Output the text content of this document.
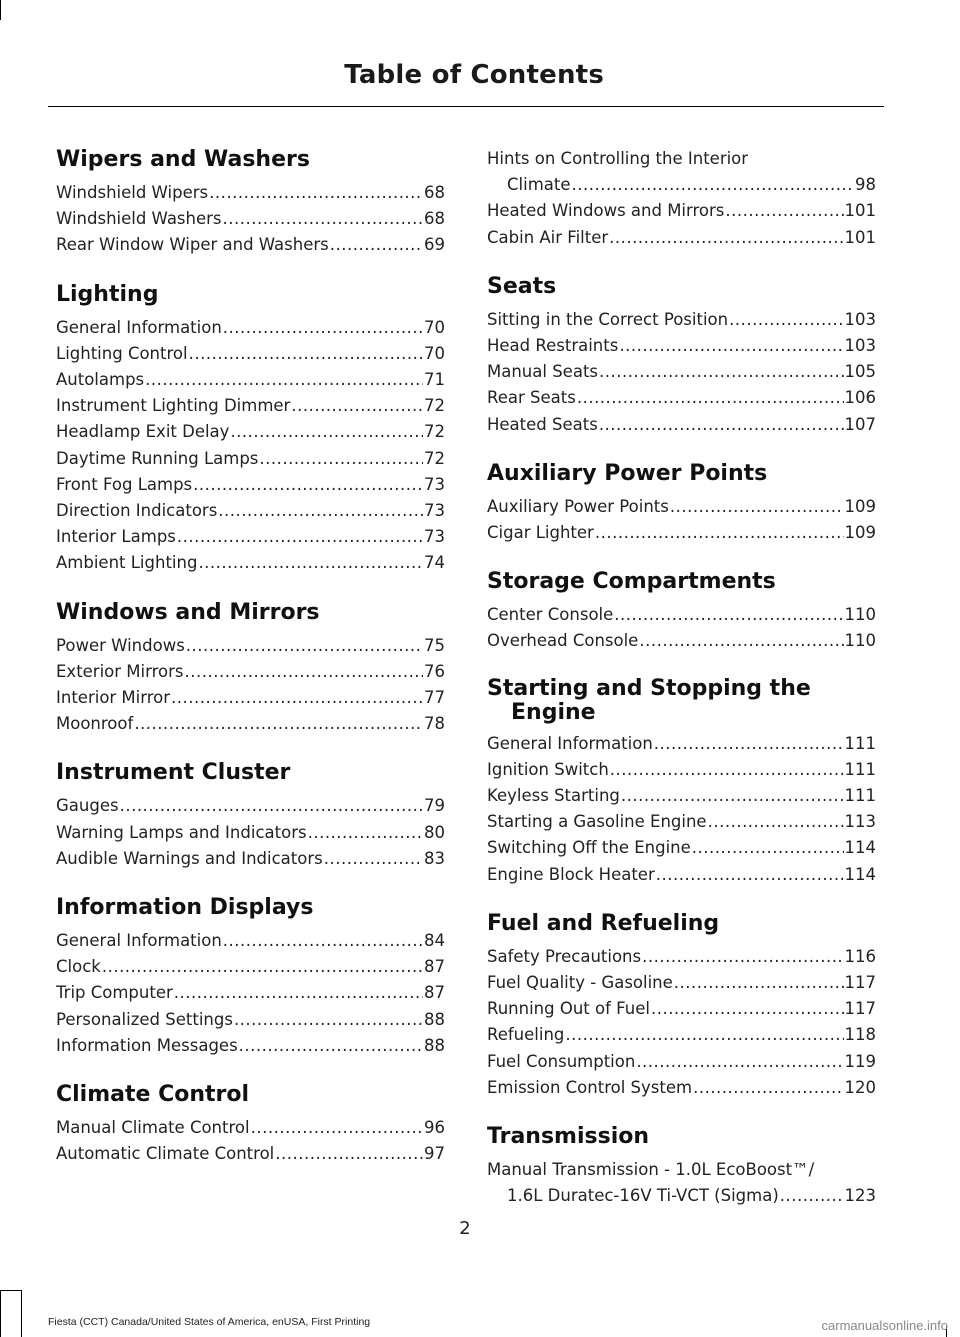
Table of Contents
Wipers and Washers
Windshield Wipers .....	68
Windshield Washers .....	68
Rear Window Wiper and Washers .....	69
Lighting
General Information .....	70
Lighting Control .....	70
Autolamps .....	71
Instrument Lighting Dimmer .....	72
Headlamp Exit Delay .....	72
Daytime Running Lamps .....	72
Front Fog Lamps .....	73
Direction Indicators .....	73
Interior Lamps .....	73
Ambient Lighting .....	74
Windows and Mirrors
Power Windows .....	75
Exterior Mirrors .....	76
Interior Mirror .....	77
Moonroof .....	78
Instrument Cluster
Gauges .....	79
Warning Lamps and Indicators .....	80
Audible Warnings and Indicators .....	83
Information Displays
General Information .....	84
Clock .....	87
Trip Computer .....	87
Personalized Settings .....	88
Information Messages .....	88
Climate Control
Manual Climate Control .....	96
Automatic Climate Control .....	97
Hints on Controlling the Interior
Climate .....	98
Heated Windows and Mirrors .....	101
Cabin Air Filter .....	101
Seats
Sitting in the Correct Position .....	103
Head Restraints .....	103
Manual Seats .....	105
Rear Seats .....	106
Heated Seats .....	107
Auxiliary Power Points
Auxiliary Power Points .....	109
Cigar Lighter .....	109
Storage Compartments
Center Console .....	110
Overhead Console .....	110
Starting and Stopping the Engine
General Information .....	111
Ignition Switch .....	111
Keyless Starting .....	111
Starting a Gasoline Engine .....	113
Switching Off the Engine .....	114
Engine Block Heater .....	114
Fuel and Refueling
Safety Precautions .....	116
Fuel Quality - Gasoline .....	117
Running Out of Fuel .....	117
Refueling .....	118
Fuel Consumption .....	119
Emission Control System .....	120
Transmission
Manual Transmission - 1.0L EcoBoost™/
1.6L Duratec-16V Ti-VCT (Sigma) .....	123
2
Fiesta (CCT) Canada/United States of America, enUSA, First Printing	carmanualsonline.info
